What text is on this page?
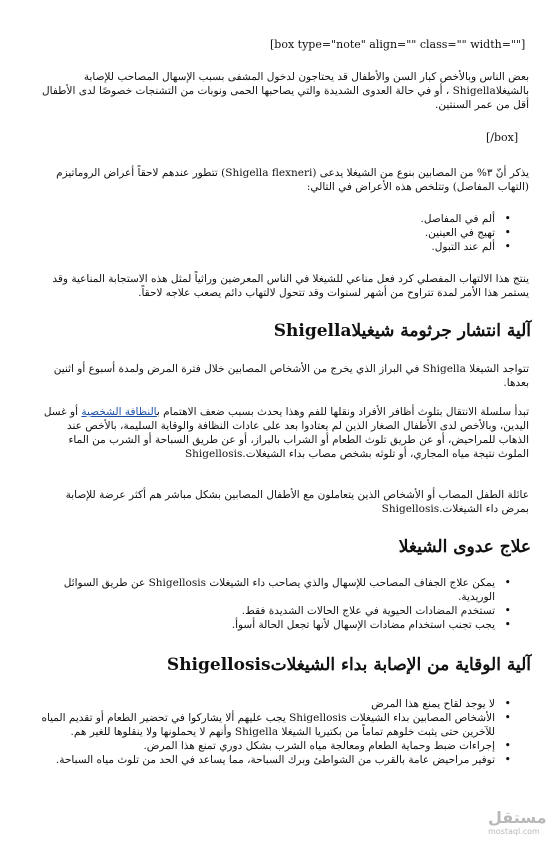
[box type="note" align="" class="" width=""]
بعض الناس وبالأخص كبار السن والأطفال قد يحتاجون لدخول المشفى بسبب الإسهال المصاحب للإصابة بالشيغلاShigella ، أو في حالة العدوى الشديدة والتي يصاحبها الحمى ونوبات من التشنجات خصوصًا لدى الأطفال أقل من عمر السنتين.
[/box]
يذكر أنّ ٣% من المصابين بنوع من الشيغلا يدعى (Shigella flexneri) تتطور عندهم لاحقاً أعراض الروماتيزم (التهاب المفاصل) وتتلخص هذه الأعراض في التالي:
• ألم في المفاصل.
• تهيج في العينين.
• ألم عند التبول.
ينتج هذا الالتهاب المفصلي كرد فعل مناعي للشيغلا في الناس المعرضين وراثياً لمثل هذه الاستجابة المناعية وقد يستمر هذا الأمر لمدة تتراوح من أشهر لسنوات وقد تتحول لالتهاب دائم يصعب علاجه لاحقاً.
آلية انتشار جرثومة شيغيلاShigella
تتواجد الشيغلا Shigella في البراز الذي يخرج من الأشخاص المصابين خلال فترة المرض ولمدة أسبوع أو اثنين بعدها.
تبدأ سلسلة الانتقال بتلوث أظافر الأفراد ونقلها للفم وهذا يحدث بسبب ضعف الاهتمام بالنظافة الشخصية أو غسل اليدين، وبالأخص لدى الأطفال الصغار الذين لم يعتادوا بعد على عادات النظافة والوقاية السليمة، بالأخص عند الذهاب للمراحيض، أو عن طريق تلوث الطعام أو الشراب بالبراز، أو عن طريق السباحة أو الشرب من الماء الملوث نتيجة مياه المجاري، أو تلوثه بشخص مصاب بداء الشيغلات.Shigellosis
عائلة الطفل المصاب أو الأشخاص الذين يتعاملون مع الأطفال المصابين بشكل مباشر هم أكثر عرضة للإصابة بمرض داء الشيغلات.Shigellosis
علاج عدوى الشيغلا
• يمكن علاج الجفاف المصاحب للإسهال والذي يصاحب داء الشيغلات Shigellosis عن طريق السوائل الوريدية.
• تستخدم المضادات الحيوية في علاج الحالات الشديدة فقط.
• يجب تجنب استخدام مضادات الإسهال لأنها تجعل الحالة أسوأ.
آلية الوقاية من الإصابة بداء الشيغلاتShigellosis
• لا يوجد لقاح يمنع هذا المرض
• الأشخاص المصابين بداء الشيغلات Shigellosis يجب عليهم ألا يشاركوا في تحضير الطعام أو تقديم المياه للآخرين حتى يثبت خلوهم تماماً من بكتيريا الشيغلا Shigella وأنهم لا يحملونها ولا ينقلوها للغير هم.
• إجراءات ضبط وحماية الطعام ومعالجة مياه الشرب بشكل دوري تمنع هذا المرض.
• توفير مراحيض عامة بالقرب من الشواطئ وبرك السباحة، مما يساعد في الحد من تلوث مياه السباحة.
مستقل
mostaql.com
